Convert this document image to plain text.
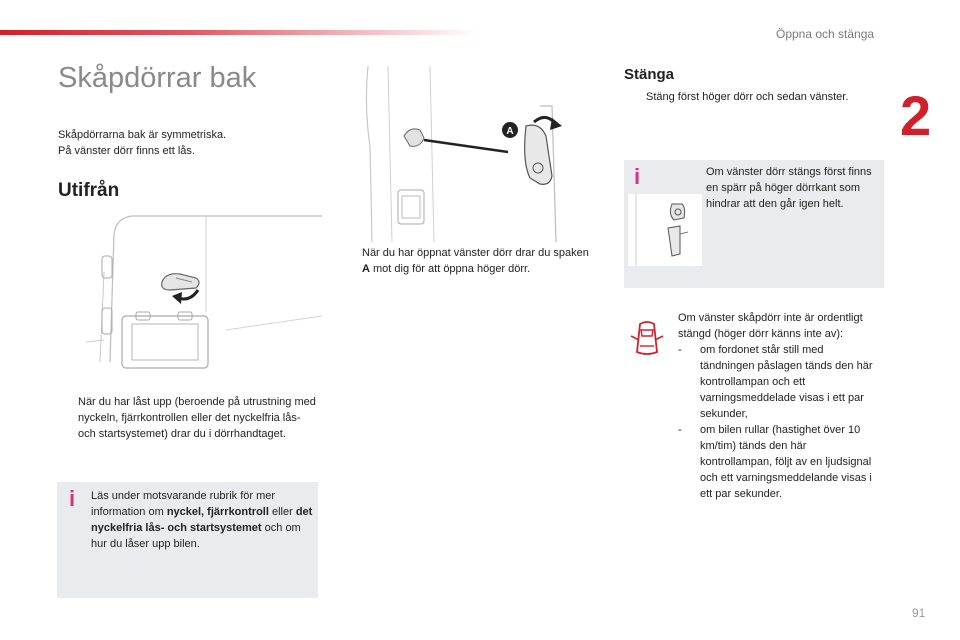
Öppna och stänga
2
91
Skåpdörrar bak
Skåpdörrarna bak är symmetriska.
På vänster dörr finns ett lås.
Utifrån
När du har låst upp (beroende på utrustning med nyckeln, fjärrkontrollen eller det nyckelfria lås- och startsystemet) drar du i dörrhandtaget.
i Läs under motsvarande rubrik för mer information om nyckel, fjärrkontroll eller det nyckelfria lås- och startsystemet och om hur du låser upp bilen.
A
När du har öppnat vänster dörr drar du spaken A mot dig för att öppna höger dörr.
Stänga
Stäng först höger dörr och sedan vänster.
i	Om vänster dörr stängs först finns en spärr på höger dörrkant som hindrar att den går igen helt.
Om vänster skåpdörr inte är ordentligt stängd (höger dörr känns inte av):
- om fordonet står still med tändningen påslagen tänds den här kontrollampan och ett varningsmeddelade visas i ett par sekunder,
- om bilen rullar (hastighet över 10 km/tim) tänds den här kontrollampan, följt av en ljudsignal och ett varningsmeddelande visas i ett par sekunder.
